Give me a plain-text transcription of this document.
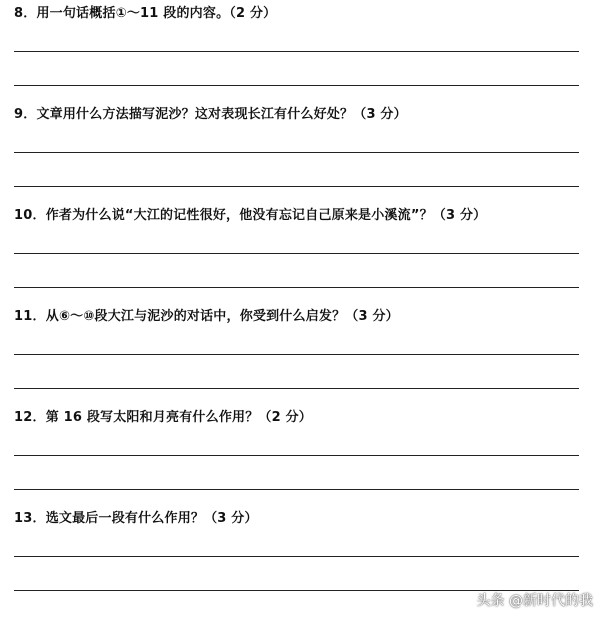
8．用一句话概括①～11 段的内容。（2 分）
9．文章用什么方法描写泥沙？这对表现长江有什么好处？（3 分）
10．作者为什么说“大江的记性很好，他没有忘记自己原来是小溪流”？（3 分）
11．从⑥～⑩段大江与泥沙的对话中，你受到什么启发？（3 分）
12．第 16 段写太阳和月亮有什么作用？（2 分）
13．选文最后一段有什么作用？（3 分）
头条 @新时代的我
